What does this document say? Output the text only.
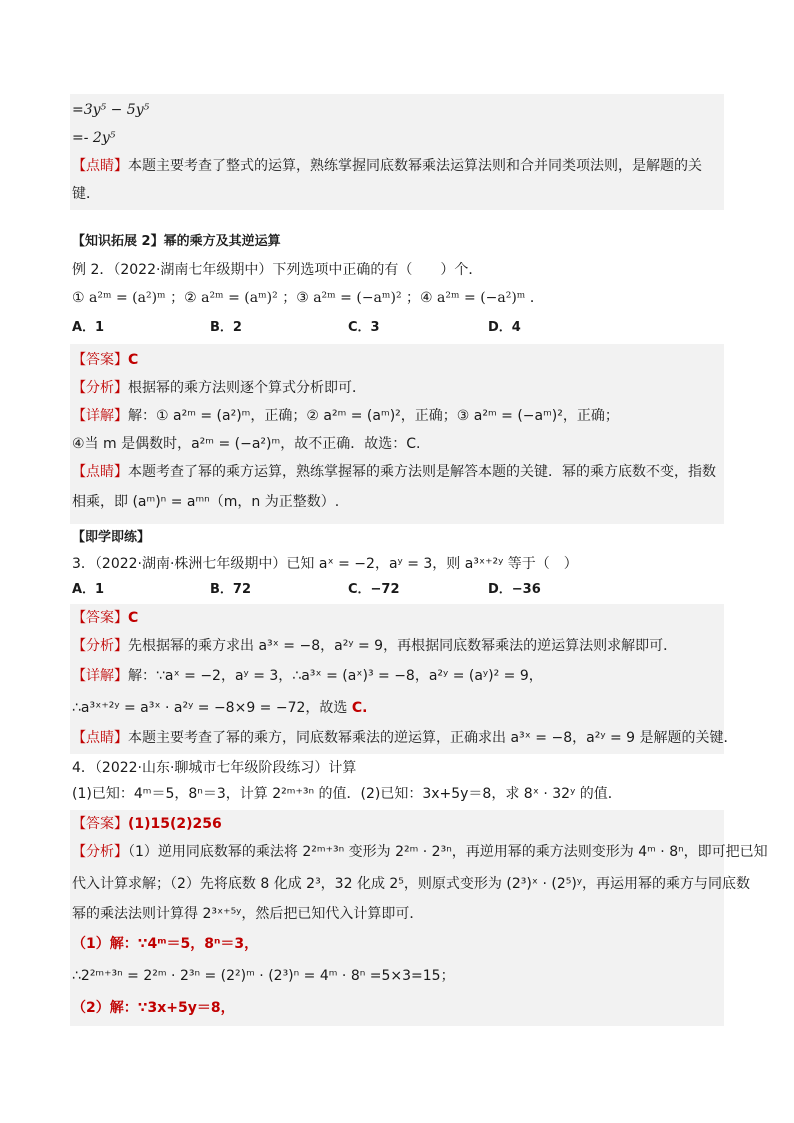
=3y⁵ − 5y⁵
=- 2y⁵
【点睛】本题主要考查了整式的运算，熟练掌握同底数幂乘法运算法则和合并同类项法则，是解题的关
键．
【知识拓展 2】幂的乘方及其逆运算
例 2．（2022·湖南七年级期中）下列选项中正确的有（　　）个．
① a²ᵐ = (a²)ᵐ ；② a²ᵐ = (aᵐ)² ；③ a²ᵐ = (−aᵐ)² ；④ a²ᵐ = (−a²)ᵐ ．
A．1	B．2	C．3	D．4
【答案】C
【分析】根据幂的乘方法则逐个算式分析即可．
【详解】解：① a²ᵐ = (a²)ᵐ，正确；② a²ᵐ = (aᵐ)²，正确；③ a²ᵐ = (−aᵐ)²，正确；
④当 m 是偶数时，a²ᵐ = (−a²)ᵐ，故不正确．故选：C.
【点睛】本题考查了幂的乘方运算，熟练掌握幂的乘方法则是解答本题的关键．幂的乘方底数不变，指数
相乘，即 (aᵐ)ⁿ = aᵐⁿ（m，n 为正整数）.
【即学即练】
3．（2022·湖南·株洲七年级期中）已知 aˣ = −2，aʸ = 3，则 a³ˣ⁺²ʸ 等于（　）
A．1	B．72	C．−72	D．−36
【答案】C
【分析】先根据幂的乘方求出 a³ˣ = −8，a²ʸ = 9，再根据同底数幂乘法的逆运算法则求解即可．
【详解】解：∵aˣ = −2，aʸ = 3，∴a³ˣ = (aˣ)³ = −8，a²ʸ = (aʸ)² = 9，
∴a³ˣ⁺²ʸ = a³ˣ · a²ʸ = −8×9 = −72，故选 C.
【点睛】本题主要考查了幂的乘方，同底数幂乘法的逆运算，正确求出 a³ˣ = −8，a²ʸ = 9 是解题的关键．
4．（2022·山东·聊城市七年级阶段练习）计算
(1)已知：4ᵐ＝5，8ⁿ＝3，计算 2²ᵐ⁺³ⁿ 的值．(2)已知：3x+5y＝8，求 8ˣ · 32ʸ 的值．
【答案】(1)15(2)256
【分析】（1）逆用同底数幂的乘法将 2²ᵐ⁺³ⁿ 变形为 2²ᵐ · 2³ⁿ，再逆用幂的乘方法则变形为 4ᵐ · 8ⁿ，即可把已知
代入计算求解；（2）先将底数 8 化成 2³，32 化成 2⁵，则原式变形为 (2³)ˣ · (2⁵)ʸ，再运用幂的乘方与同底数
幂的乘法法则计算得 2³ˣ⁺⁵ʸ，然后把已知代入计算即可．
（1）解：∵4ᵐ＝5，8ⁿ＝3，
∴2²ᵐ⁺³ⁿ = 2²ᵐ · 2³ⁿ = (2²)ᵐ · (2³)ⁿ = 4ᵐ · 8ⁿ =5×3=15；
（2）解：∵3x+5y＝8，
